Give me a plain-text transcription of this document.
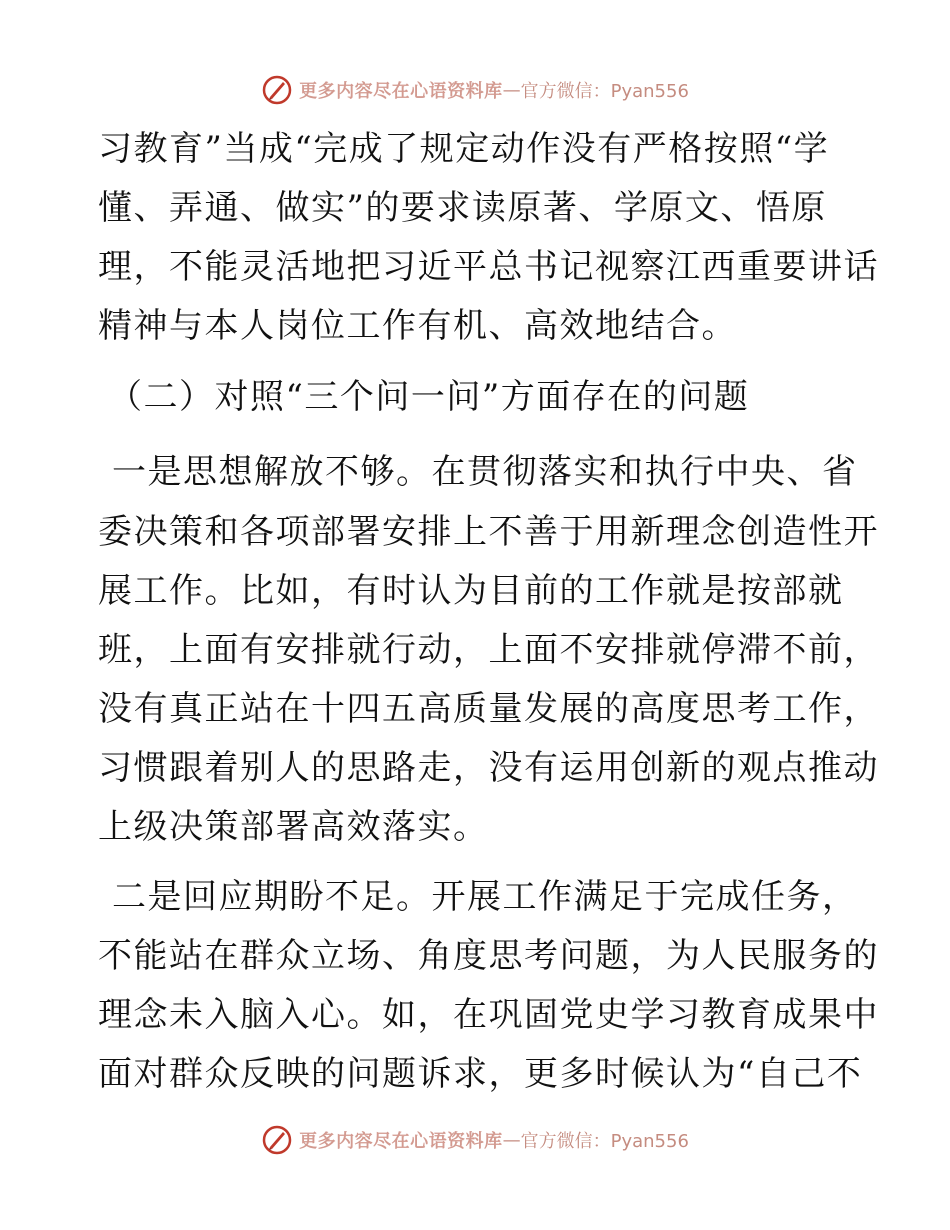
更多内容尽在心语资料库 — 官方微信：Pyan556
习教育”当成“完成了规定动作没有严格按照“学
懂、弄通、做实”的要求读原著、学原文、悟原
理，不能灵活地把习近平总书记视察江西重要讲话
精神与本人岗位工作有机、高效地结合。
（二）对照“三个问一问”方面存在的问题
一是思想解放不够。在贯彻落实和执行中央、省
委决策和各项部署安排上不善于用新理念创造性开
展工作。比如，有时认为目前的工作就是按部就
班，上面有安排就行动，上面不安排就停滞不前，
没有真正站在十四五高质量发展的高度思考工作，
习惯跟着别人的思路走，没有运用创新的观点推动
上级决策部署高效落实。
二是回应期盼不足。开展工作满足于完成任务，
不能站在群众立场、角度思考问题，为人民服务的
理念未入脑入心。如，在巩固党史学习教育成果中
面对群众反映的问题诉求，更多时候认为“自己不
更多内容尽在心语资料库 — 官方微信：Pyan556
